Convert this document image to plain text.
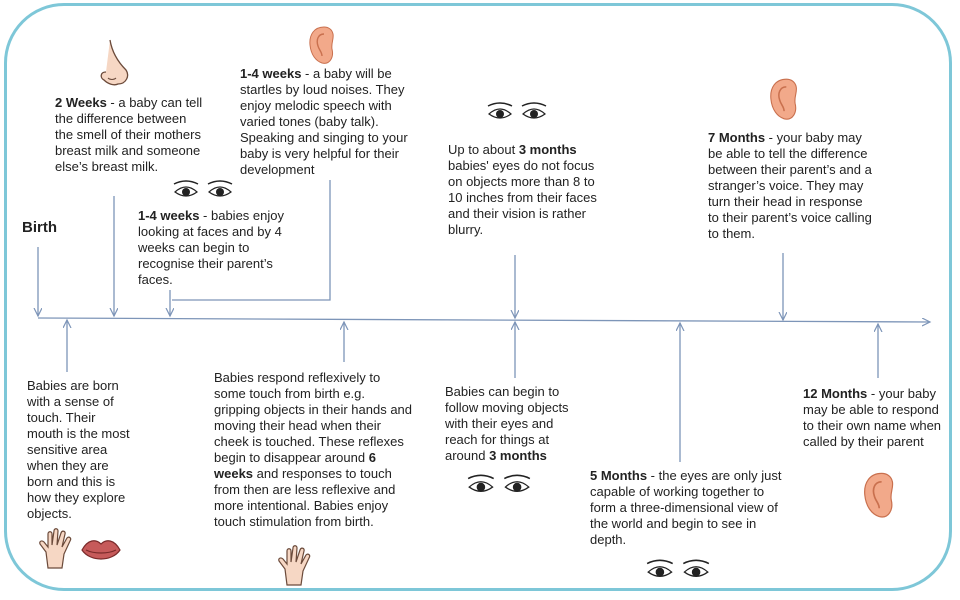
Birth
2 Weeks - a baby can tell the difference between the smell of their mothers breast milk and someone else’s breast milk.
1-4 weeks - a baby will be startles by loud noises. They enjoy melodic speech with varied tones (baby talk). Speaking and singing to your baby is very helpful for their development
1-4 weeks - babies enjoy looking at faces and by 4 weeks can begin to recognise their parent’s faces.
Up to about 3 months babies' eyes do not focus on objects more than 8 to 10 inches from their faces and their vision is rather blurry.
7 Months - your baby may be able to tell the difference between their parent’s and a stranger’s voice. They may turn their head in response to their parent’s voice calling to them.
Babies are born with a sense of touch. Their mouth is the most sensitive area when they are born and this is how they explore objects.
Babies respond reflexively to some touch from birth e.g. gripping objects in their hands and moving their head when their cheek is touched. These reflexes begin to disappear around 6 weeks and responses to touch from then are less reflexive and more intentional. Babies enjoy touch stimulation from birth.
Babies can begin to follow moving objects with their eyes and reach for things at around 3 months
5 Months - the eyes are only just capable of working together to form a three-dimensional view of the world and begin to see in depth.
12 Months - your baby may be able to respond to their own name when called by their parent
